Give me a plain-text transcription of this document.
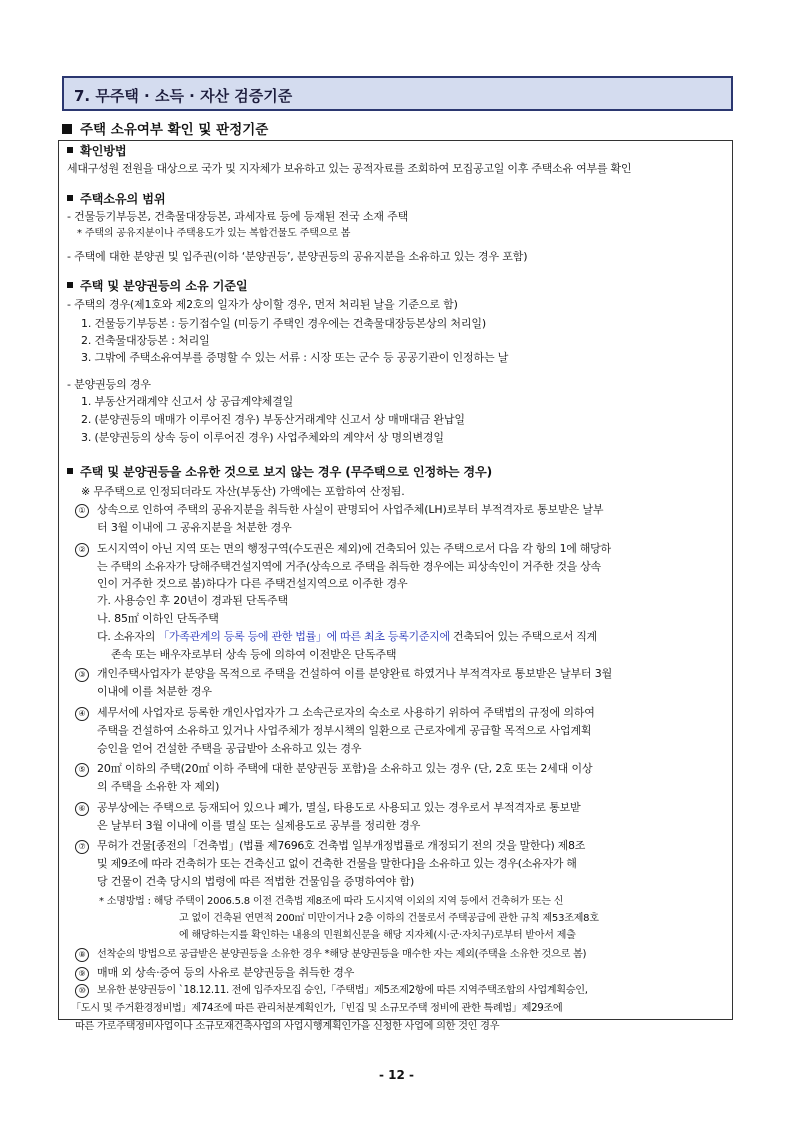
7. 무주택 · 소득 · 자산 검증기준
주택 소유여부 확인 및 판정기준
확인방법
세대구성원 전원을 대상으로 국가 및 지자체가 보유하고 있는 공적자료를 조회하여 모집공고일 이후 주택소유 여부를 확인
주택소유의 범위
- 건물등기부등본, 건축물대장등본, 과세자료 등에 등재된 전국 소재 주택
* 주택의 공유지분이나 주택용도가 있는 복합건물도 주택으로 봄
- 주택에 대한 분양권 및 입주권(이하 ‘분양권등’, 분양권등의 공유지분을 소유하고 있는 경우 포함)
주택 및 분양권등의 소유 기준일
- 주택의 경우(제1호와 제2호의 일자가 상이할 경우, 먼저 처리된 날을 기준으로 함)
1. 건물등기부등본 : 등기접수일 (미등기 주택인 경우에는 건축물대장등본상의 처리일)
2. 건축물대장등본 : 처리일
3. 그밖에 주택소유여부를 증명할 수 있는 서류 : 시장 또는 군수 등 공공기관이 인정하는 날
- 분양권등의 경우
1. 부동산거래계약 신고서 상 공급계약체결일
2. (분양권등의 매매가 이루어진 경우) 부동산거래계약 신고서 상 매매대금 완납일
3. (분양권등의 상속 등이 이루어진 경우) 사업주체와의 계약서 상 명의변경일
주택 및 분양권등을 소유한 것으로 보지 않는 경우 (무주택으로 인정하는 경우)
※ 무주택으로 인정되더라도 자산(부동산) 가액에는 포함하여 산정됨.
① 상속으로 인하여 주택의 공유지분을 취득한 사실이 판명되어 사업주체(LH)로부터 부적격자로 통보받은 날부
터 3월 이내에 그 공유지분을 처분한 경우
② 도시지역이 아닌 지역 또는 면의 행정구역(수도권은 제외)에 건축되어 있는 주택으로서 다음 각 항의 1에 해당하
는 주택의 소유자가 당해주택건설지역에 거주(상속으로 주택을 취득한 경우에는 피상속인이 거주한 것을 상속
인이 거주한 것으로 봄)하다가 다른 주택건설지역으로 이주한 경우
가. 사용승인 후 20년이 경과된 단독주택
나. 85㎡ 이하인 단독주택
다. 소유자의 「가족관계의 등록 등에 관한 법률」에 따른 최초 등록기준지에 건축되어 있는 주택으로서 직계
존속 또는 배우자로부터 상속 등에 의하여 이전받은 단독주택
③ 개인주택사업자가 분양을 목적으로 주택을 건설하여 이를 분양완료 하였거나 부적격자로 통보받은 날부터 3월
이내에 이를 처분한 경우
④ 세무서에 사업자로 등록한 개인사업자가 그 소속근로자의 숙소로 사용하기 위하여 주택법의 규정에 의하여
주택을 건설하여 소유하고 있거나 사업주체가 정부시책의 일환으로 근로자에게 공급할 목적으로 사업계획
승인을 얻어 건설한 주택을 공급받아 소유하고 있는 경우
⑤ 20㎡ 이하의 주택(20㎡ 이하 주택에 대한 분양권등 포함)을 소유하고 있는 경우 (단, 2호 또는 2세대 이상
의 주택을 소유한 자 제외)
⑥ 공부상에는 주택으로 등재되어 있으나 폐가, 멸실, 타용도로 사용되고 있는 경우로서 부적격자로 통보받
은 날부터 3월 이내에 이를 멸실 또는 실제용도로 공부를 정리한 경우
⑦ 무허가 건물[종전의「건축법」(법률 제7696호 건축법 일부개정법률로 개정되기 전의 것을 말한다) 제8조
및 제9조에 따라 건축허가 또는 건축신고 없이 건축한 건물을 말한다]을 소유하고 있는 경우(소유자가 해
당 건물이 건축 당시의 법령에 따른 적법한 건물임을 증명하여야 함)
* 소명방법 : 해당 주택이 2006.5.8 이전 건축법 제8조에 따라 도시지역 이외의 지역 등에서 건축허가 또는 신
고 없이 건축된 연면적 200㎡ 미만이거나 2층 이하의 건물로서 주택공급에 관한 규칙 제53조제8호
에 해당하는지를 확인하는 내용의 민원회신문을 해당 지자체(시·군·자치구)로부터 받아서 제출
⑧ 선착순의 방법으로 공급받은 분양권등을 소유한 경우 *해당 분양권등을 매수한 자는 제외(주택을 소유한 것으로 봄)
⑨ 매매 외 상속·증여 등의 사유로 분양권등을 취득한 경우
⑩ 보유한 분양권등이 `18.12.11. 전에 입주자모집 승인,「주택법」제5조제2항에 따른 지역주택조합의 사업계획승인,
「도시 및 주거환경정비법」제74조에 따른 관리처분계획인가,「빈집 및 소규모주택 정비에 관한 특례법」제29조에
따른 가로주택정비사업이나 소규모재건축사업의 사업시행계획인가을 신청한 사업에 의한 것인 경우
- 12 -
